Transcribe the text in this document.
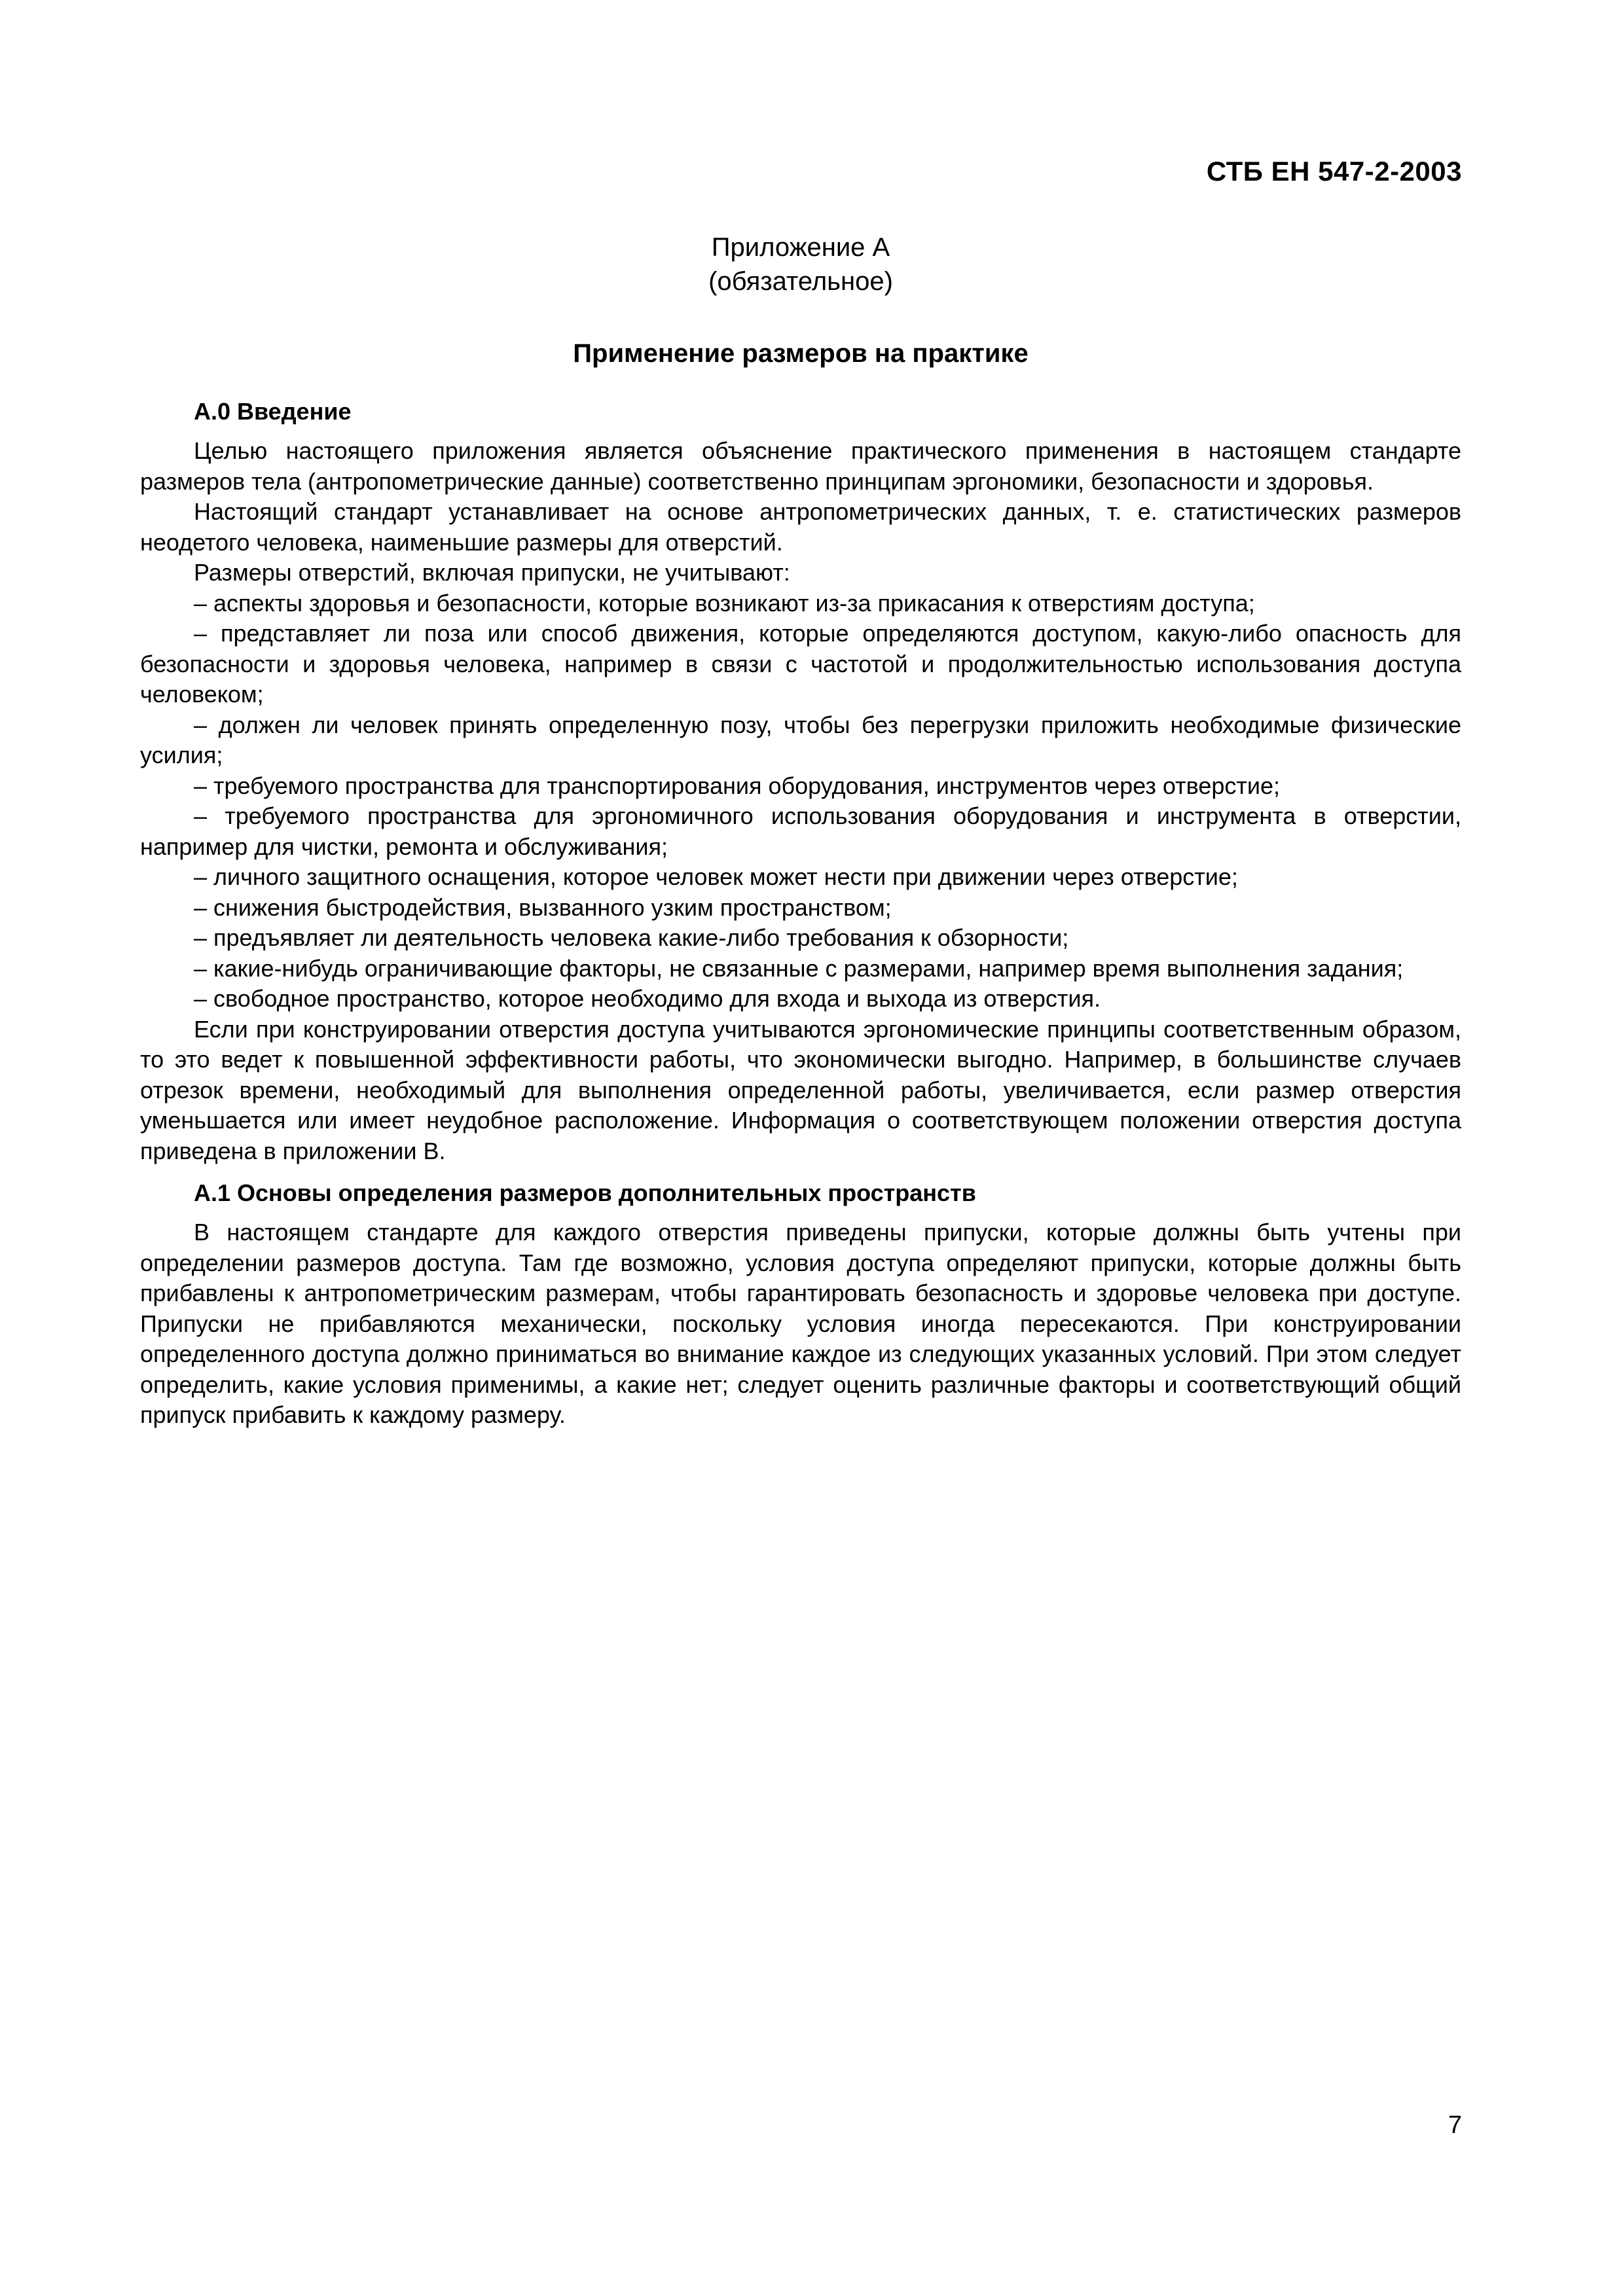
СТБ ЕН 547-2-2003

Приложение А

(обязательное)

Применение размеров на практике

А.0 Введение

Целью настоящего приложения является объяснение практического применения в настоящем стандарте размеров тела (антропометрические данные) соответственно принципам эргономики, безопасности и здоровья.

Настоящий стандарт устанавливает на основе антропометрических данных, т. е. статистических размеров неодетого человека, наименьшие размеры для отверстий.

Размеры отверстий, включая припуски, не учитывают:

– аспекты здоровья и безопасности, которые возникают из-за прикасания к отверстиям доступа;

– представляет ли поза или способ движения, которые определяются доступом, какую-либо опасность для безопасности и здоровья человека, например в связи с частотой и продолжительностью использования доступа человеком;

– должен ли человек принять определенную позу, чтобы без перегрузки приложить необходимые физические усилия;

– требуемого пространства для транспортирования оборудования, инструментов через отверстие;

– требуемого пространства для эргономичного использования оборудования и инструмента в отверстии, например для чистки, ремонта и обслуживания;

– личного защитного оснащения, которое человек может нести при движении через отверстие;

– снижения быстродействия, вызванного узким пространством;

– предъявляет ли деятельность человека какие-либо требования к обзорности;

– какие-нибудь ограничивающие факторы, не связанные с размерами, например время выполнения задания;

– свободное пространство, которое необходимо для входа и выхода из отверстия.

Если при конструировании отверстия доступа учитываются эргономические принципы соответственным образом, то это ведет к повышенной эффективности работы, что экономически выгодно. Например, в большинстве случаев отрезок времени, необходимый для выполнения определенной работы, увеличивается, если размер отверстия уменьшается или имеет неудобное расположение. Информация о соответствующем положении отверстия доступа приведена в приложении В.

А.1 Основы определения размеров дополнительных пространств

В настоящем стандарте для каждого отверстия приведены припуски, которые должны быть учтены при определении размеров доступа. Там где возможно, условия доступа определяют припуски, которые должны быть прибавлены к антропометрическим размерам, чтобы гарантировать безопасность и здоровье человека при доступе. Припуски не прибавляются механически, поскольку условия иногда пересекаются. При конструировании определенного доступа должно приниматься во внимание каждое из следующих указанных условий. При этом следует определить, какие условия применимы, а какие нет; следует оценить различные факторы и соответствующий общий припуск прибавить к каждому размеру.

7
